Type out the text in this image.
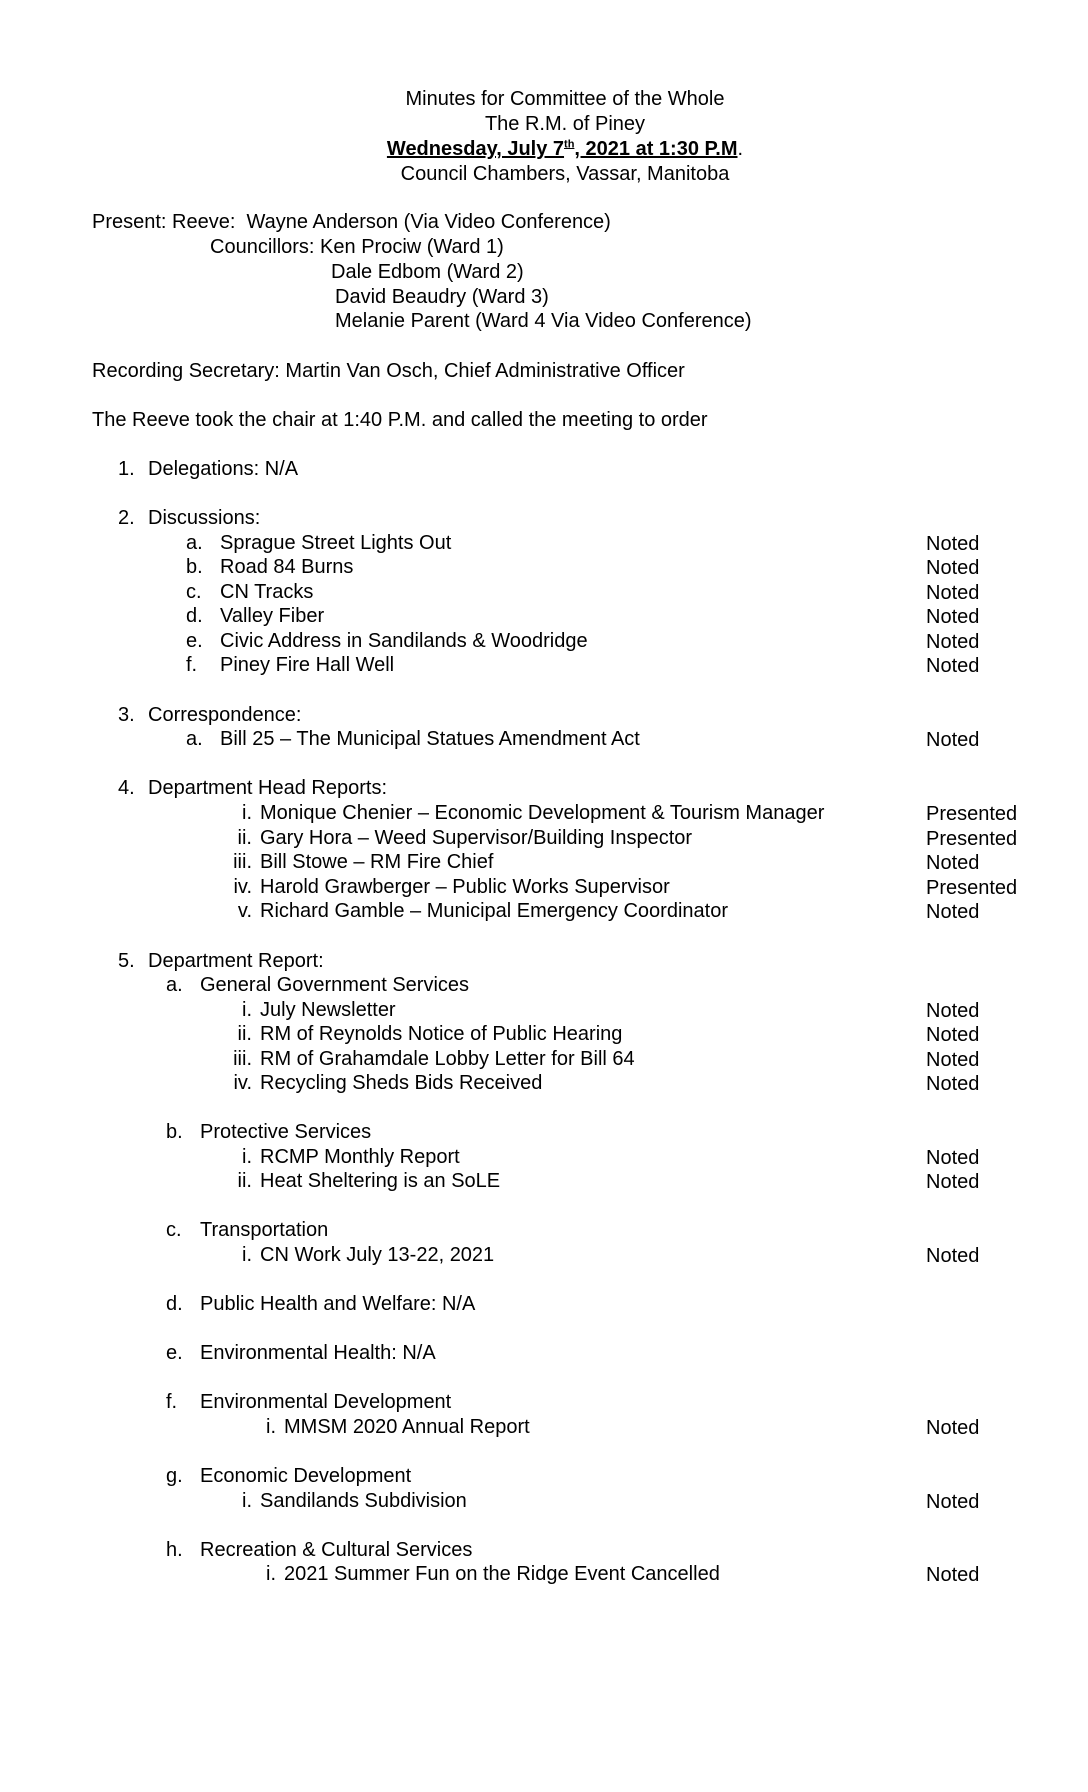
Minutes for Committee of the Whole
The R.M. of Piney
Wednesday, July 7th, 2021 at 1:30 P.M.
Council Chambers, Vassar, Manitoba
Present: Reeve: Wayne Anderson (Via Video Conference)
Councillors: Ken Prociw (Ward 1)
Dale Edbom (Ward 2)
David Beaudry (Ward 3)
Melanie Parent (Ward 4 Via Video Conference)
Recording Secretary: Martin Van Osch, Chief Administrative Officer
The Reeve took the chair at 1:40 P.M. and called the meeting to order
1. Delegations: N/A
2. Discussions:
a. Sprague Street Lights Out	Noted
b. Road 84 Burns	Noted
c. CN Tracks	Noted
d. Valley Fiber	Noted
e. Civic Address in Sandilands & Woodridge	Noted
f. Piney Fire Hall Well	Noted
3. Correspondence:
a. Bill 25 – The Municipal Statues Amendment Act	Noted
4. Department Head Reports:
i. Monique Chenier – Economic Development & Tourism Manager	Presented
ii. Gary Hora – Weed Supervisor/Building Inspector	Presented
iii. Bill Stowe – RM Fire Chief	Noted
iv. Harold Grawberger – Public Works Supervisor	Presented
v. Richard Gamble – Municipal Emergency Coordinator	Noted
5. Department Report:
a. General Government Services
i. July Newsletter	Noted
ii. RM of Reynolds Notice of Public Hearing	Noted
iii. RM of Grahamdale Lobby Letter for Bill 64	Noted
iv. Recycling Sheds Bids Received	Noted
b. Protective Services
i. RCMP Monthly Report	Noted
ii. Heat Sheltering is an SoLE	Noted
c. Transportation
i. CN Work July 13-22, 2021	Noted
d. Public Health and Welfare: N/A
e. Environmental Health: N/A
f. Environmental Development
i. MMSM 2020 Annual Report	Noted
g. Economic Development
i. Sandilands Subdivision	Noted
h. Recreation & Cultural Services
i. 2021 Summer Fun on the Ridge Event Cancelled	Noted
